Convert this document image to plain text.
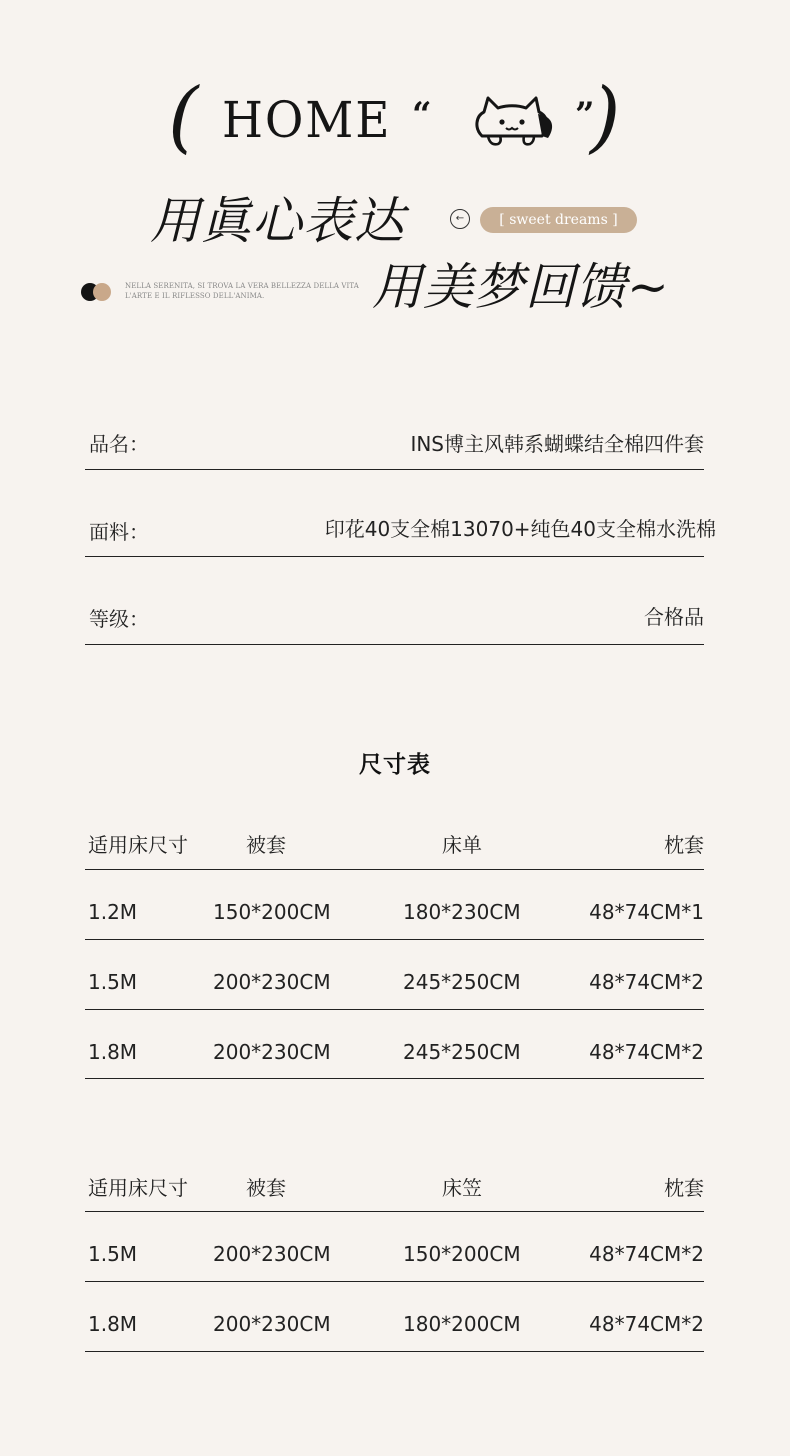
( HOME “	”
)
用眞心表达	←	[ sweet dreams ]
NELLA SERENITA, SI TROVA LA VERA BELLEZZA DELLA VITA
L'ARTE E IL RIFLESSO DELL'ANIMA. 用美梦回馈~
品名：	INS博主风韩系蝴蝶结全棉四件套
面料：	印花40支全棉13070+纯色40支全棉水洗棉
等级：	合格品
尺寸表
适用床尺寸	被套	床单	枕套
1.2M	150*200CM	180*230CM	48*74CM*1
1.5M	200*230CM	245*250CM	48*74CM*2
1.8M	200*230CM	245*250CM	48*74CM*2
适用床尺寸	被套	床笠	枕套
1.5M	200*230CM	150*200CM	48*74CM*2
1.8M	200*230CM	180*200CM	48*74CM*2
